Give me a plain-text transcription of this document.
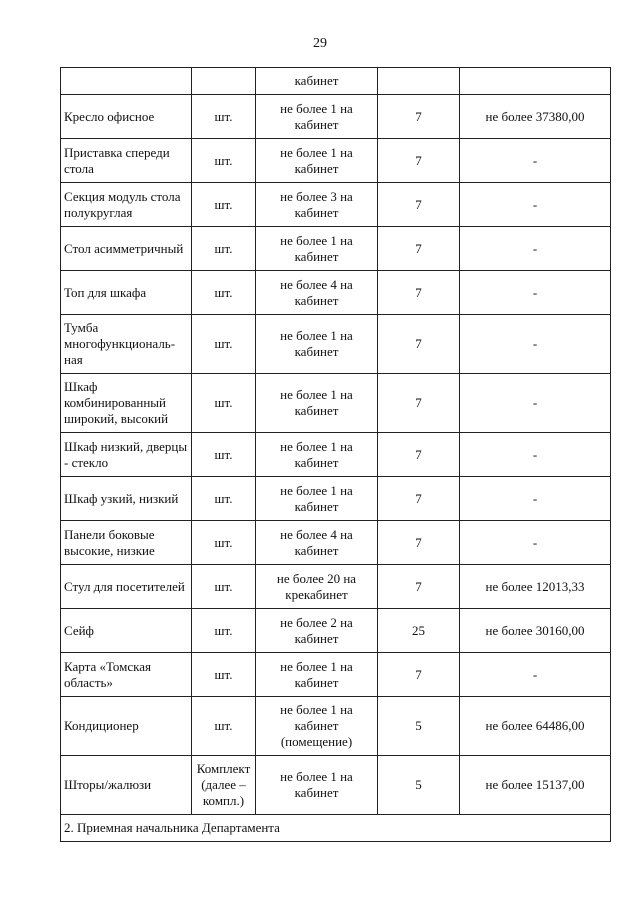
29
		кабинет		
Кресло офисное	шт.	не более 1 на кабинет	7	не более 37380,00
Приставка спереди стола	шт.	не более 1 на кабинет	7	-
Секция модуль стола полукруглая	шт.	не более 3 на кабинет	7	-
Стол асимметричный	шт.	не более 1 на кабинет	7	-
Топ для шкафа	шт.	не более 4 на кабинет	7	-
Тумба многофункциональ-ная	шт.	не более 1 на кабинет	7	-
Шкаф комбинированный широкий, высокий	шт.	не более 1 на кабинет	7	-
Шкаф низкий, дверцы - стекло	шт.	не более 1 на кабинет	7	-
Шкаф узкий, низкий	шт.	не более 1 на кабинет	7	-
Панели боковые высокие, низкие	шт.	не более 4 на кабинет	7	-
Стул для посетителей	шт.	не более 20 на крекабинет	7	не более 12013,33
Сейф	шт.	не более 2 на кабинет	25	не более 30160,00
Карта «Томская область»	шт.	не более 1 на кабинет	7	-
Кондиционер	шт.	не более 1 на кабинет (помещение)	5	не более 64486,00
Шторы/жалюзи	Комплект (далее – компл.)	не более 1 на кабинет	5	не более 15137,00
2. Приемная начальника Департамента				
